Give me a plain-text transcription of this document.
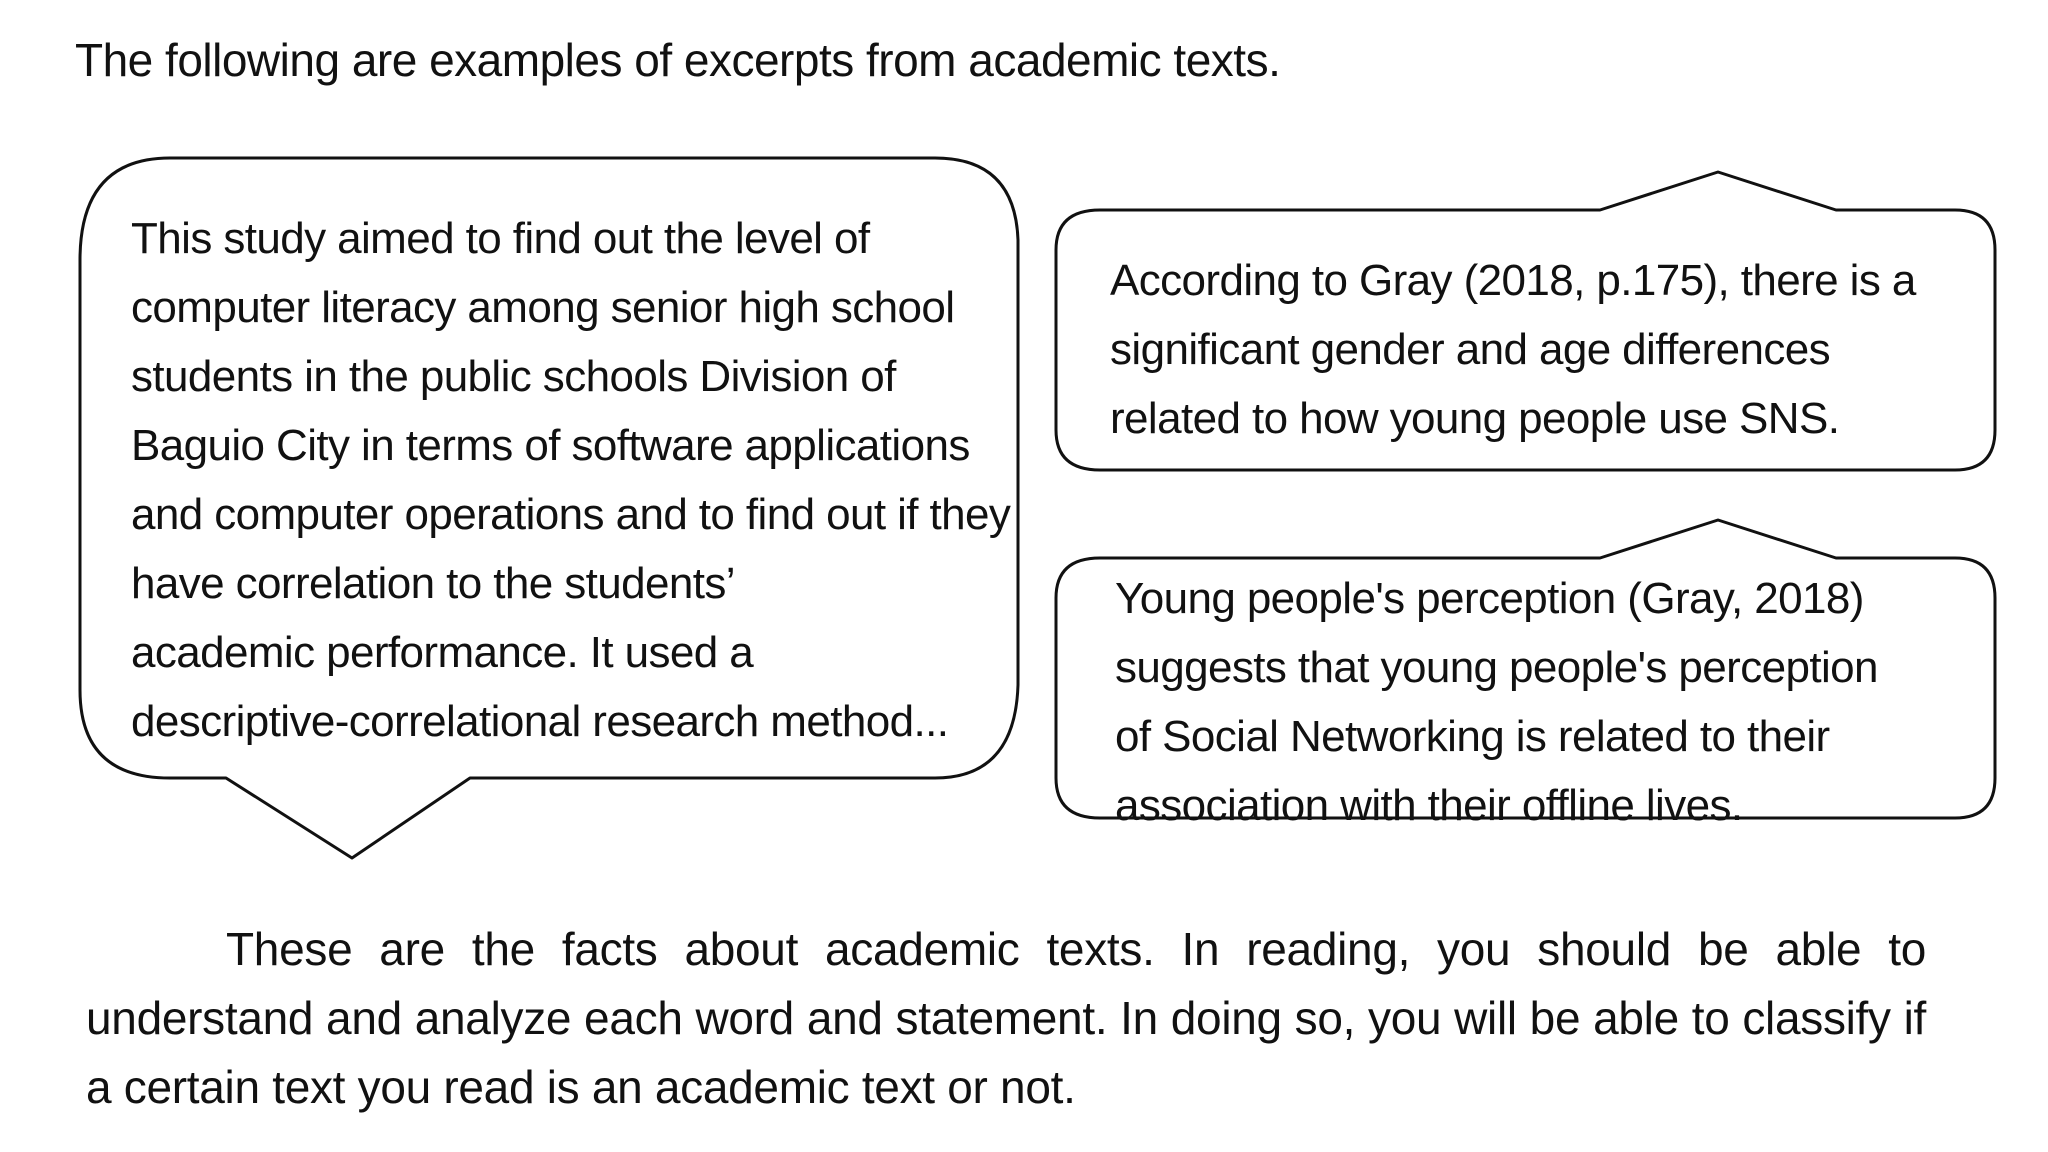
The following are examples of excerpts from academic texts.

This study aimed to find out the level of
computer literacy among senior high school
students in the public schools Division of
Baguio City in terms of software applications
and computer operations and to find out if they
have correlation to the students’
academic performance. It used a
descriptive-correlational research method...

According to Gray (2018, p.175), there is a
significant gender and age differences
related to how young people use SNS.

Young people's perception (Gray, 2018)
suggests that young people's perception
of Social Networking is related to their
association with their offline lives.

These are the facts about academic texts. In reading, you should be able to understand and analyze each word and statement. In doing so, you will be able to classify if a certain text you read is an academic text or not.
